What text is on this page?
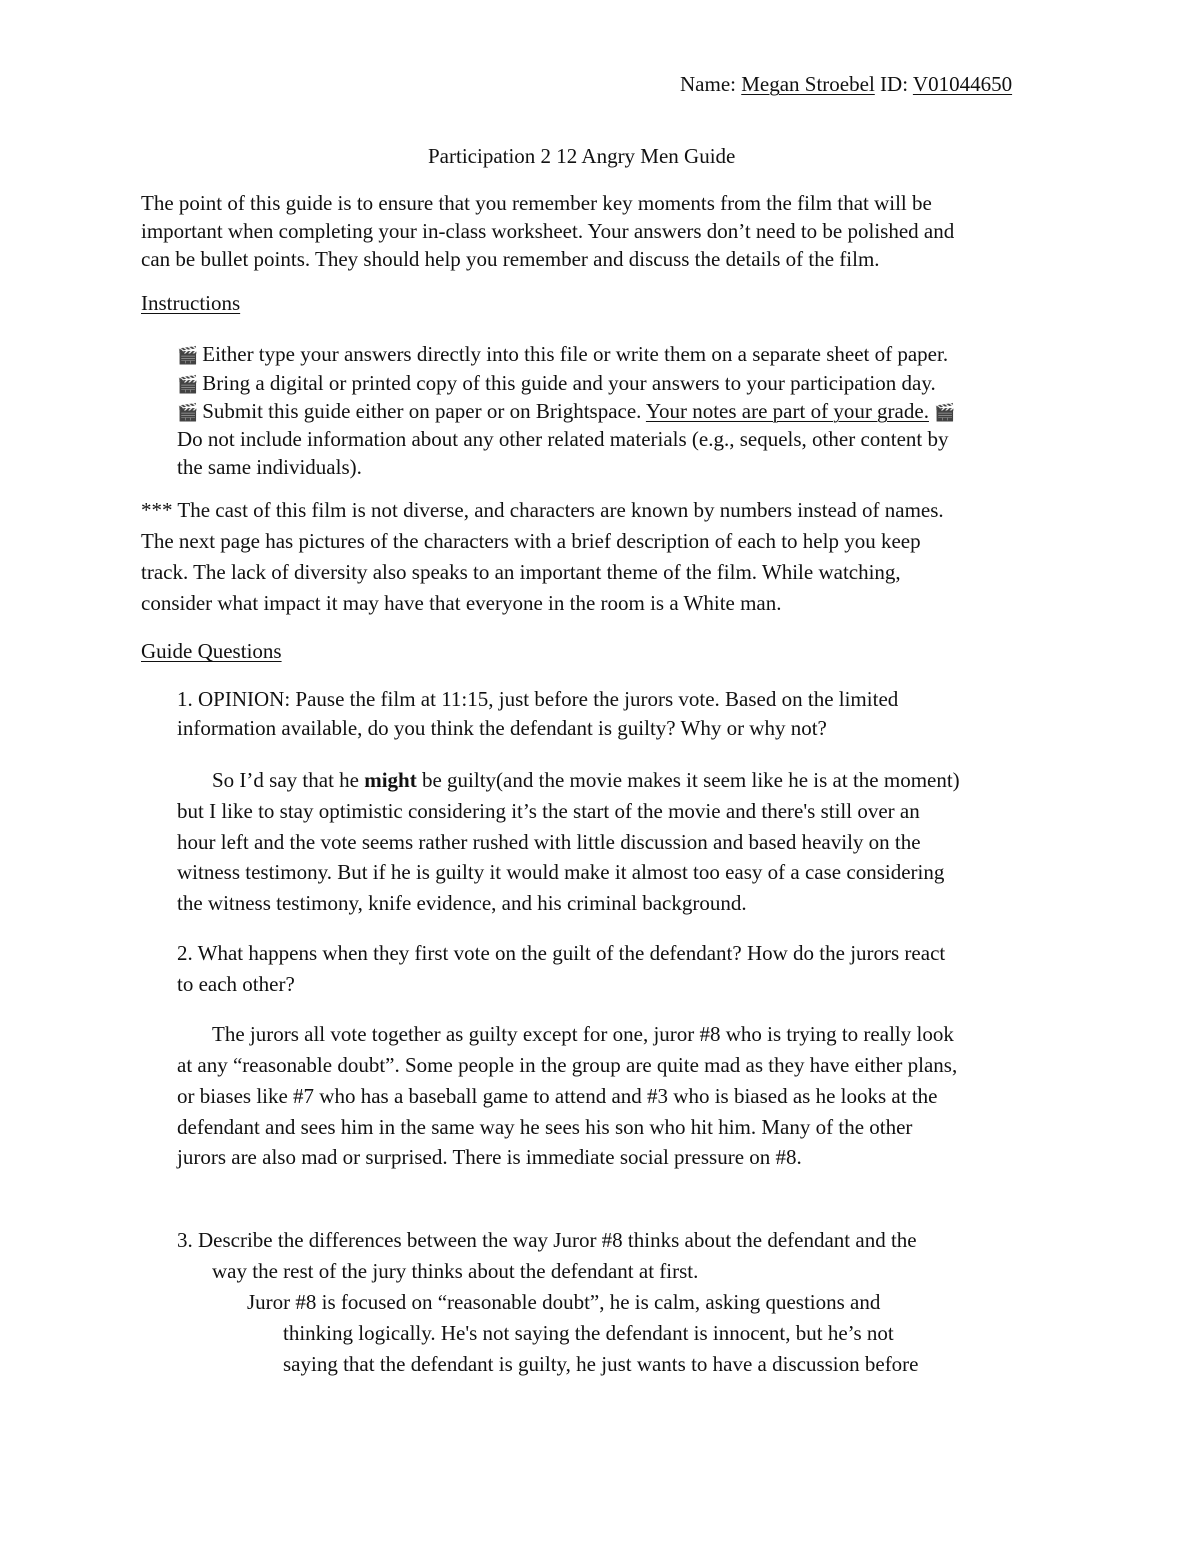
Name: Megan Stroebel ID: V01044650
Participation 2 12 Angry Men Guide
The point of this guide is to ensure that you remember key moments from the film that will be
important when completing your in-class worksheet. Your answers don’t need to be polished and
can be bullet points. They should help you remember and discuss the details of the film.
Instructions
🎬 Either type your answers directly into this file or write them on a separate sheet of paper.
🎬 Bring a digital or printed copy of this guide and your answers to your participation day.
🎬 Submit this guide either on paper or on Brightspace. Your notes are part of your grade. 🎬
Do not include information about any other related materials (e.g., sequels, other content by
the same individuals).
*** The cast of this film is not diverse, and characters are known by numbers instead of names.
The next page has pictures of the characters with a brief description of each to help you keep
track. The lack of diversity also speaks to an important theme of the film. While watching,
consider what impact it may have that everyone in the room is a White man.
Guide Questions
1. OPINION: Pause the film at 11:15, just before the jurors vote. Based on the limited
information available, do you think the defendant is guilty? Why or why not?
So I’d say that he might be guilty(and the movie makes it seem like he is at the moment)
but I like to stay optimistic considering it’s the start of the movie and there's still over an
hour left and the vote seems rather rushed with little discussion and based heavily on the
witness testimony. But if he is guilty it would make it almost too easy of a case considering
the witness testimony, knife evidence, and his criminal background.
2. What happens when they first vote on the guilt of the defendant? How do the jurors react
to each other?
The jurors all vote together as guilty except for one, juror #8 who is trying to really look
at any “reasonable doubt”. Some people in the group are quite mad as they have either plans,
or biases like #7 who has a baseball game to attend and #3 who is biased as he looks at the
defendant and sees him in the same way he sees his son who hit him. Many of the other
jurors are also mad or surprised. There is immediate social pressure on #8.
3. Describe the differences between the way Juror #8 thinks about the defendant and the
way the rest of the jury thinks about the defendant at first.
Juror #8 is focused on “reasonable doubt”, he is calm, asking questions and
thinking logically. He's not saying the defendant is innocent, but he’s not
saying that the defendant is guilty, he just wants to have a discussion before
